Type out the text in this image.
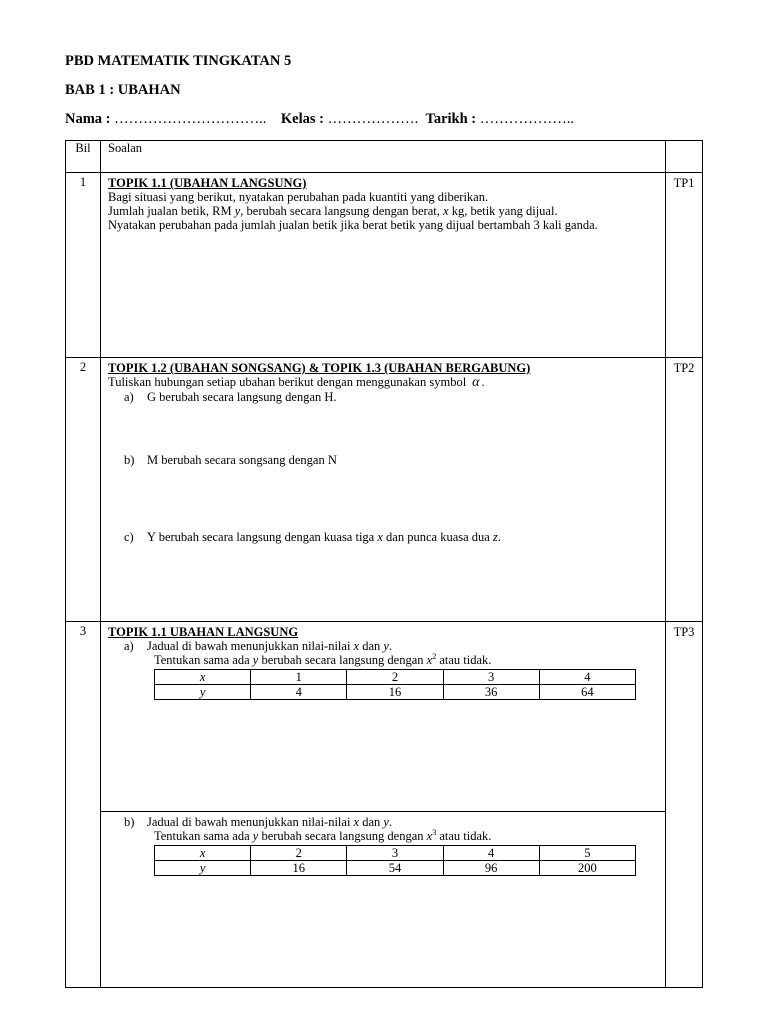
PBD MATEMATIK TINGKATAN 5
BAB 1 : UBAHAN
Nama : ………………………….. Kelas : ………………. Tarikh : ………………..
Bil	Soalan	
1	TOPIK 1.1 (UBAHAN LANGSUNG)
Bagi situasi yang berikut, nyatakan perubahan pada kuantiti yang diberikan.
Jumlah jualan betik, RM y, berubah secara langsung dengan berat, x kg, betik yang dijual.
Nyatakan perubahan pada jumlah jualan betik jika berat betik yang dijual bertambah 3 kali ganda.
	TP1
2	TOPIK 1.2 (UBAHAN SONGSANG) & TOPIK 1.3 (UBAHAN BERGABUNG)
Tuliskan hubungan setiap ubahan berikut dengan menggunakan symbol α .
a) G berubah secara langsung dengan H.
b) M berubah secara songsang dengan N
c) Y berubah secara langsung dengan kuasa tiga x dan punca kuasa dua z.
	TP2
3	TOPIK 1.1 UBAHAN LANGSUNG
a) Jadual di bawah menunjukkan nilai-nilai x dan y.
Tentukan sama ada y berubah secara langsung dengan $x^2$ atau tidak.
x	1	2	3	4
y	4	16	36	64
	TP3

b) Jadual di bawah menunjukkan nilai-nilai x dan y.
Tentukan sama ada y berubah secara langsung dengan $x^3$ atau tidak.
x	2	3	4	5
y	16	54	96	200
